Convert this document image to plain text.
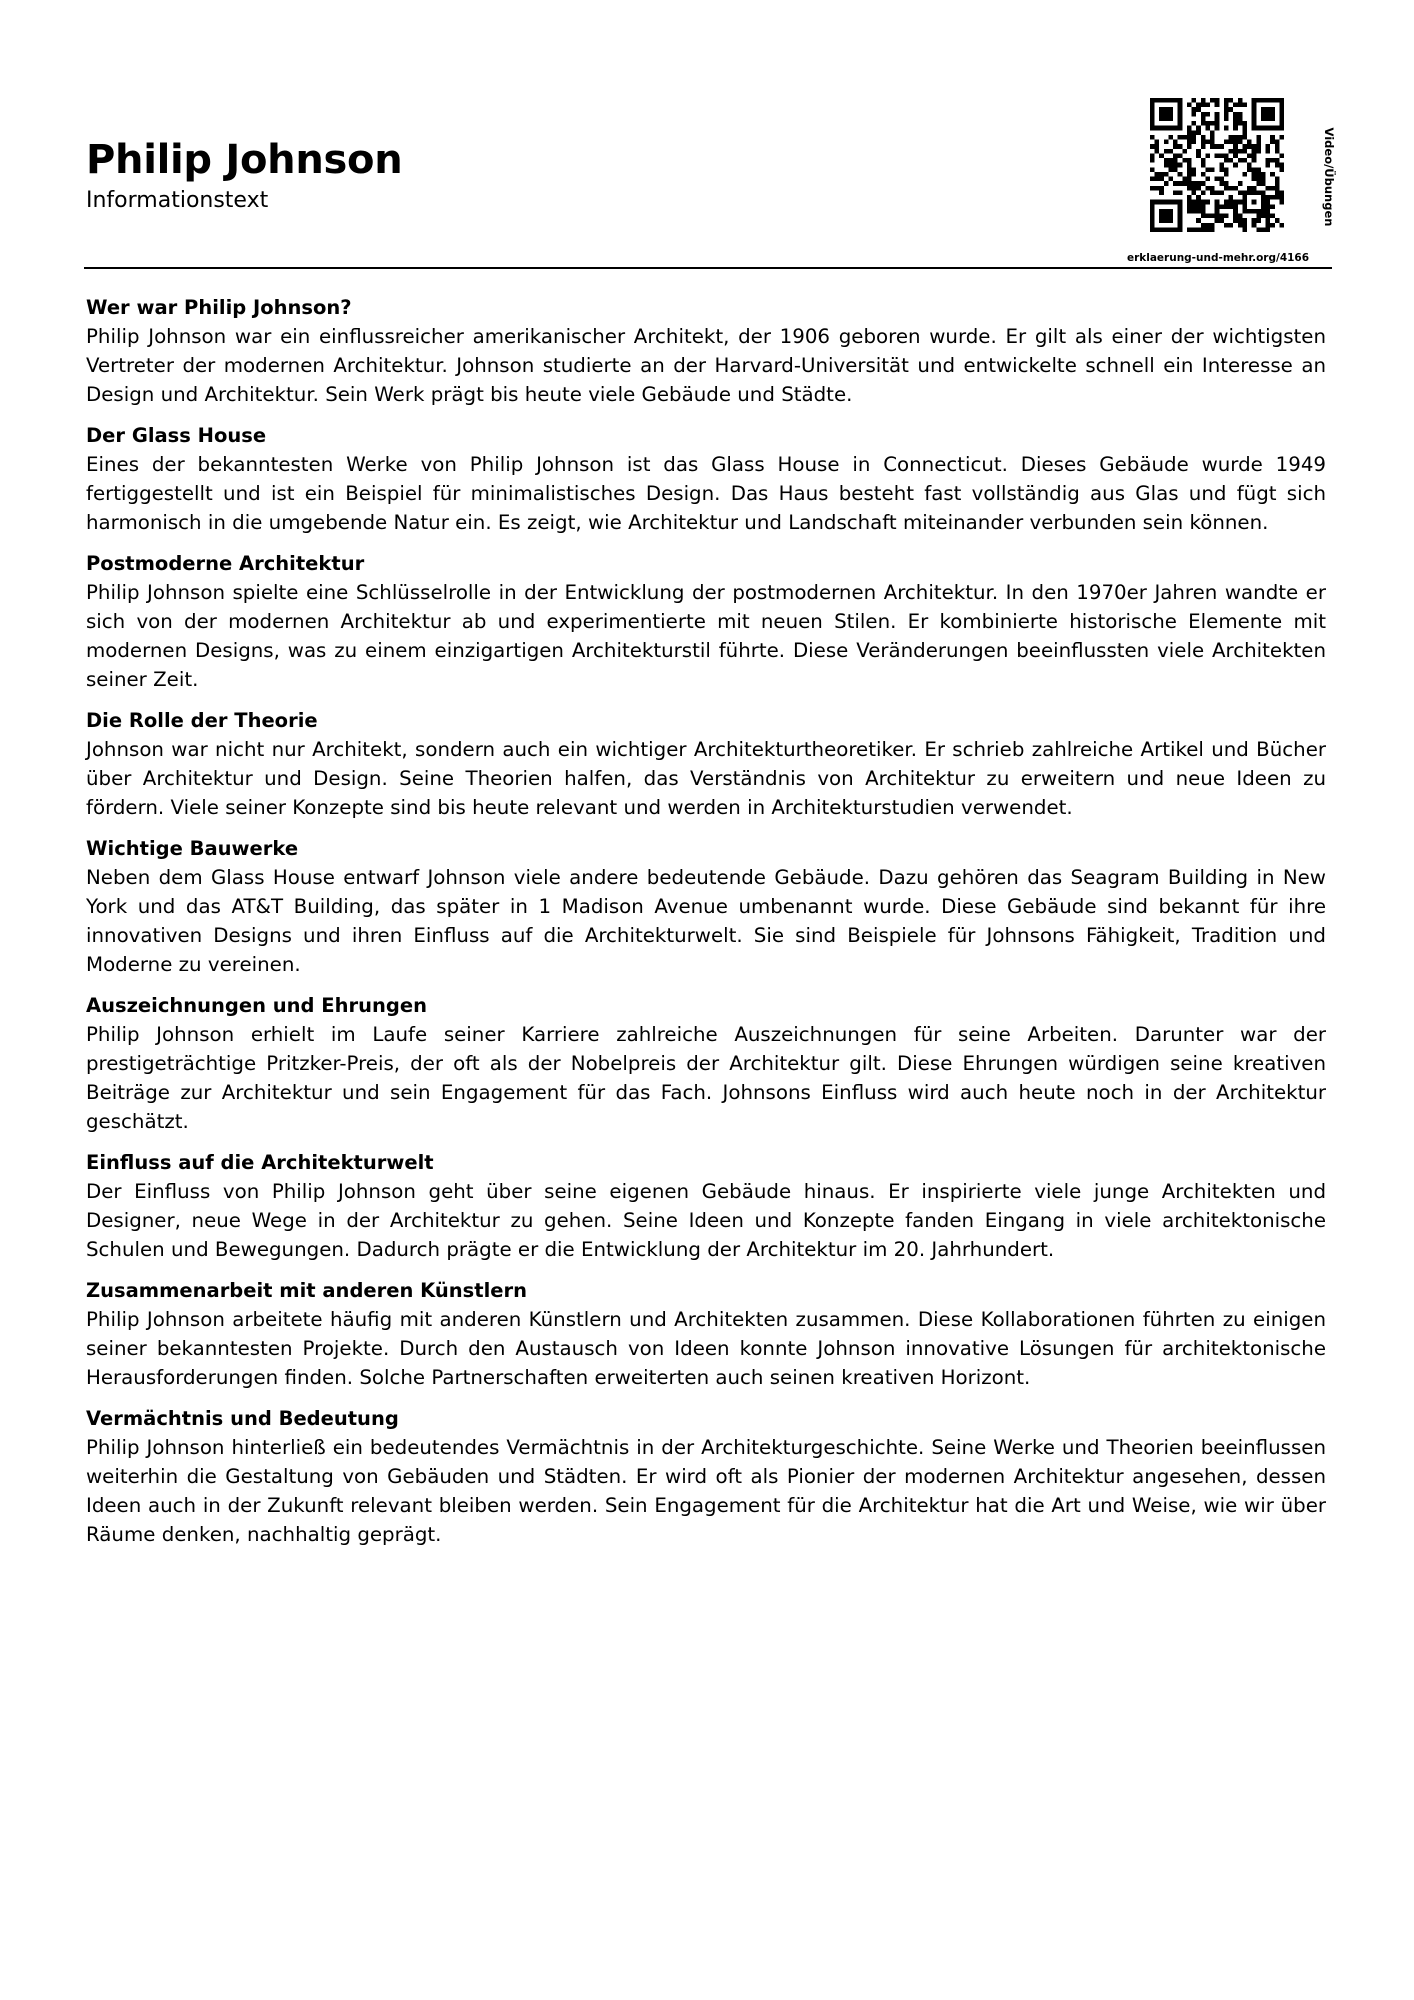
Philip Johnson
Informationstext	Video/Übungen
erklaerung-und-mehr.org/4166
Wer war Philip Johnson?

Philip Johnson war ein einflussreicher amerikanischer Architekt, der 1906 geboren wurde. Er gilt als einer der wichtigsten Vertreter der modernen Architektur. Johnson studierte an der Harvard-Universität und entwickelte schnell ein Interesse an Design und Architektur. Sein Werk prägt bis heute viele Gebäude und Städte.

Der Glass House

Eines der bekanntesten Werke von Philip Johnson ist das Glass House in Connecticut. Dieses Gebäude wurde 1949 fertiggestellt und ist ein Beispiel für minimalistisches Design. Das Haus besteht fast vollständig aus Glas und fügt sich harmonisch in die umgebende Natur ein. Es zeigt, wie Architektur und Landschaft miteinander verbunden sein können.

Postmoderne Architektur

Philip Johnson spielte eine Schlüsselrolle in der Entwicklung der postmodernen Architektur. In den 1970er Jahren wandte er sich von der modernen Architektur ab und experimentierte mit neuen Stilen. Er kombinierte historische Elemente mit modernen Designs, was zu einem einzigartigen Architekturstil führte. Diese Veränderungen beeinflussten viele Architekten seiner Zeit.

Die Rolle der Theorie

Johnson war nicht nur Architekt, sondern auch ein wichtiger Architekturtheoretiker. Er schrieb zahlreiche Artikel und Bücher über Architektur und Design. Seine Theorien halfen, das Verständnis von Architektur zu erweitern und neue Ideen zu fördern. Viele seiner Konzepte sind bis heute relevant und werden in Architekturstudien verwendet.

Wichtige Bauwerke

Neben dem Glass House entwarf Johnson viele andere bedeutende Gebäude. Dazu gehören das Seagram Building in New York und das AT&T Building, das später in 1 Madison Avenue umbenannt wurde. Diese Gebäude sind bekannt für ihre innovativen Designs und ihren Einfluss auf die Architekturwelt. Sie sind Beispiele für Johnsons Fähigkeit, Tradition und Moderne zu vereinen.

Auszeichnungen und Ehrungen

Philip Johnson erhielt im Laufe seiner Karriere zahlreiche Auszeichnungen für seine Arbeiten. Darunter war der prestigeträchtige Pritzker-Preis, der oft als der Nobelpreis der Architektur gilt. Diese Ehrungen würdigen seine kreativen Beiträge zur Architektur und sein Engagement für das Fach. Johnsons Einfluss wird auch heute noch in der Architektur geschätzt.

Einfluss auf die Architekturwelt

Der Einfluss von Philip Johnson geht über seine eigenen Gebäude hinaus. Er inspirierte viele junge Architekten und Designer, neue Wege in der Architektur zu gehen. Seine Ideen und Konzepte fanden Eingang in viele architektonische Schulen und Bewegungen. Dadurch prägte er die Entwicklung der Architektur im 20. Jahrhundert.

Zusammenarbeit mit anderen Künstlern

Philip Johnson arbeitete häufig mit anderen Künstlern und Architekten zusammen. Diese Kollaborationen führten zu einigen seiner bekanntesten Projekte. Durch den Austausch von Ideen konnte Johnson innovative Lösungen für architektonische Herausforderungen finden. Solche Partnerschaften erweiterten auch seinen kreativen Horizont.

Vermächtnis und Bedeutung

Philip Johnson hinterließ ein bedeutendes Vermächtnis in der Architekturgeschichte. Seine Werke und Theorien beeinflussen weiterhin die Gestaltung von Gebäuden und Städten. Er wird oft als Pionier der modernen Architektur angesehen, dessen Ideen auch in der Zukunft relevant bleiben werden. Sein Engagement für die Architektur hat die Art und Weise, wie wir über Räume denken, nachhaltig geprägt.
